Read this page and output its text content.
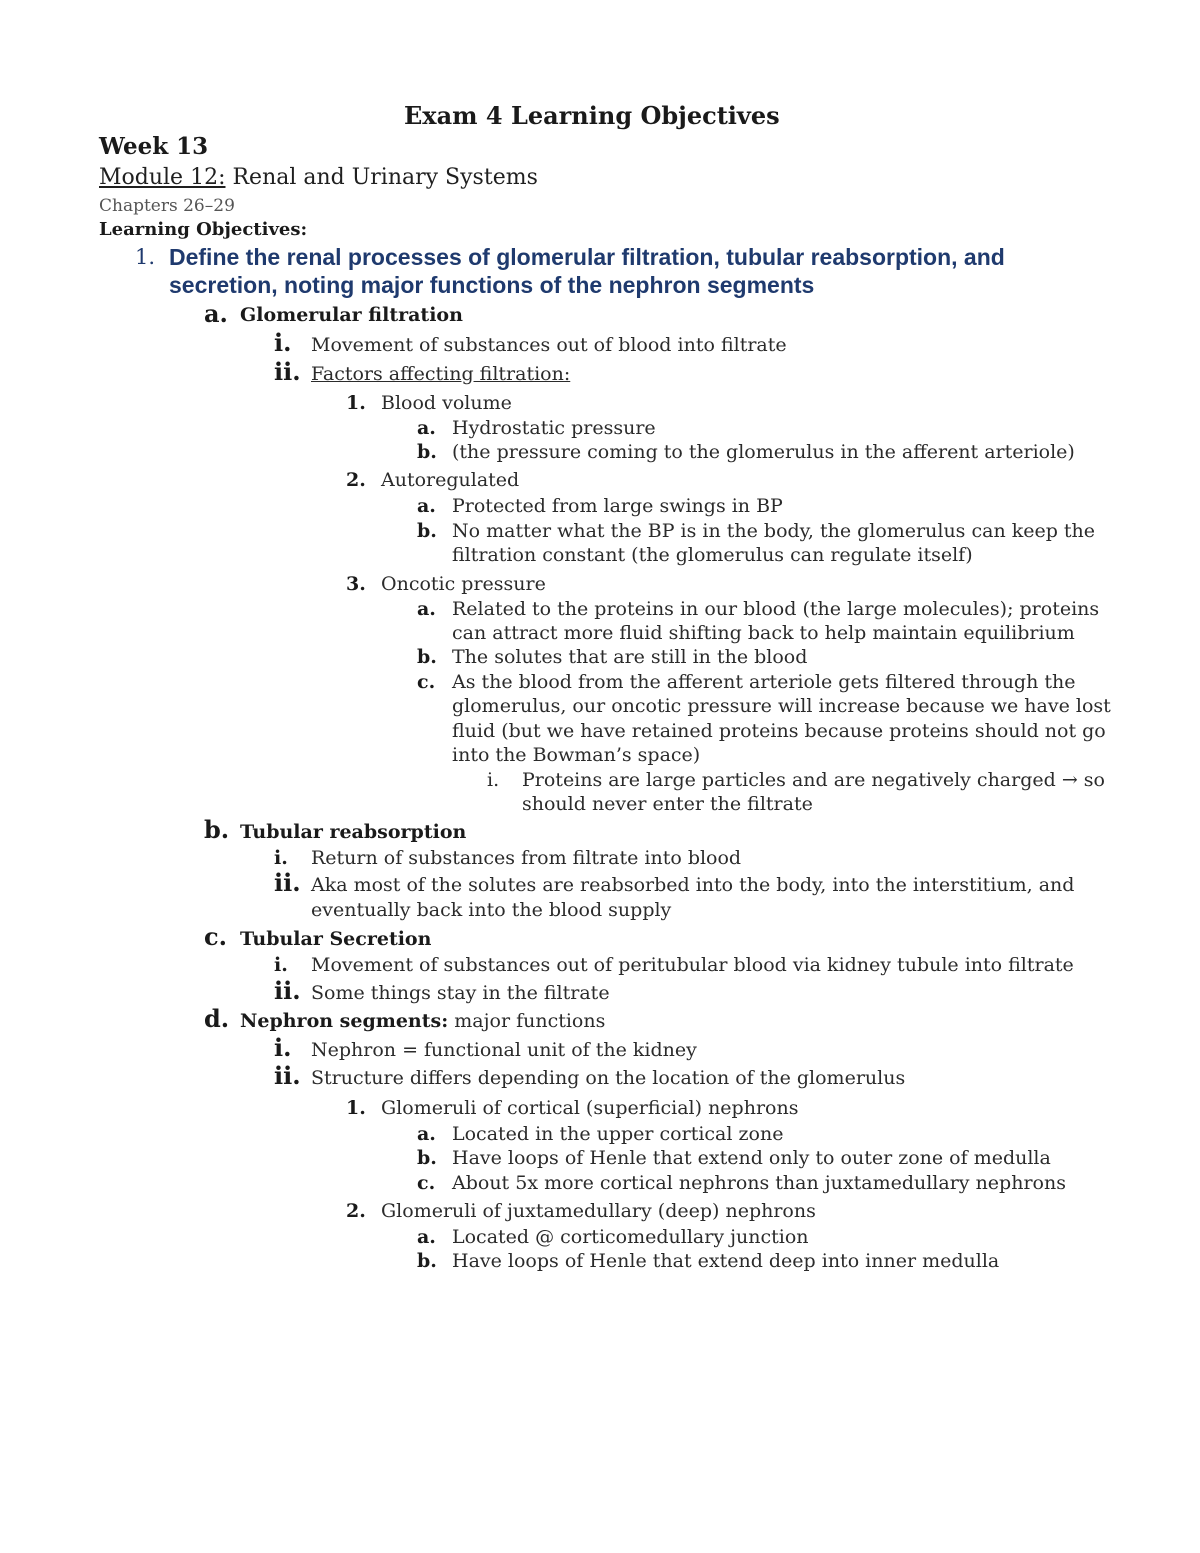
Exam 4 Learning Objectives
Week 13
Module 12: Renal and Urinary Systems
Chapters 26–29
Learning Objectives:
1. Define the renal processes of glomerular filtration, tubular reabsorption, and
secretion, noting major functions of the nephron segments
a. Glomerular filtration
i. Movement of substances out of blood into filtrate
ii. Factors affecting filtration:
1. Blood volume
a. Hydrostatic pressure
b. (the pressure coming to the glomerulus in the afferent arteriole)
2. Autoregulated
a. Protected from large swings in BP
b. No matter what the BP is in the body, the glomerulus can keep the
filtration constant (the glomerulus can regulate itself)
3. Oncotic pressure
a. Related to the proteins in our blood (the large molecules); proteins
can attract more fluid shifting back to help maintain equilibrium
b. The solutes that are still in the blood
c. As the blood from the afferent arteriole gets filtered through the
glomerulus, our oncotic pressure will increase because we have lost
fluid (but we have retained proteins because proteins should not go
into the Bowman’s space)
i. Proteins are large particles and are negatively charged → so
should never enter the filtrate
b. Tubular reabsorption
i. Return of substances from filtrate into blood
ii. Aka most of the solutes are reabsorbed into the body, into the interstitium, and
eventually back into the blood supply
c. Tubular Secretion
i. Movement of substances out of peritubular blood via kidney tubule into filtrate
ii. Some things stay in the filtrate
d. Nephron segments: major functions
i. Nephron = functional unit of the kidney
ii. Structure differs depending on the location of the glomerulus
1. Glomeruli of cortical (superficial) nephrons
a. Located in the upper cortical zone
b. Have loops of Henle that extend only to outer zone of medulla
c. About 5x more cortical nephrons than juxtamedullary nephrons
2. Glomeruli of juxtamedullary (deep) nephrons
a. Located @ corticomedullary junction
b. Have loops of Henle that extend deep into inner medulla
